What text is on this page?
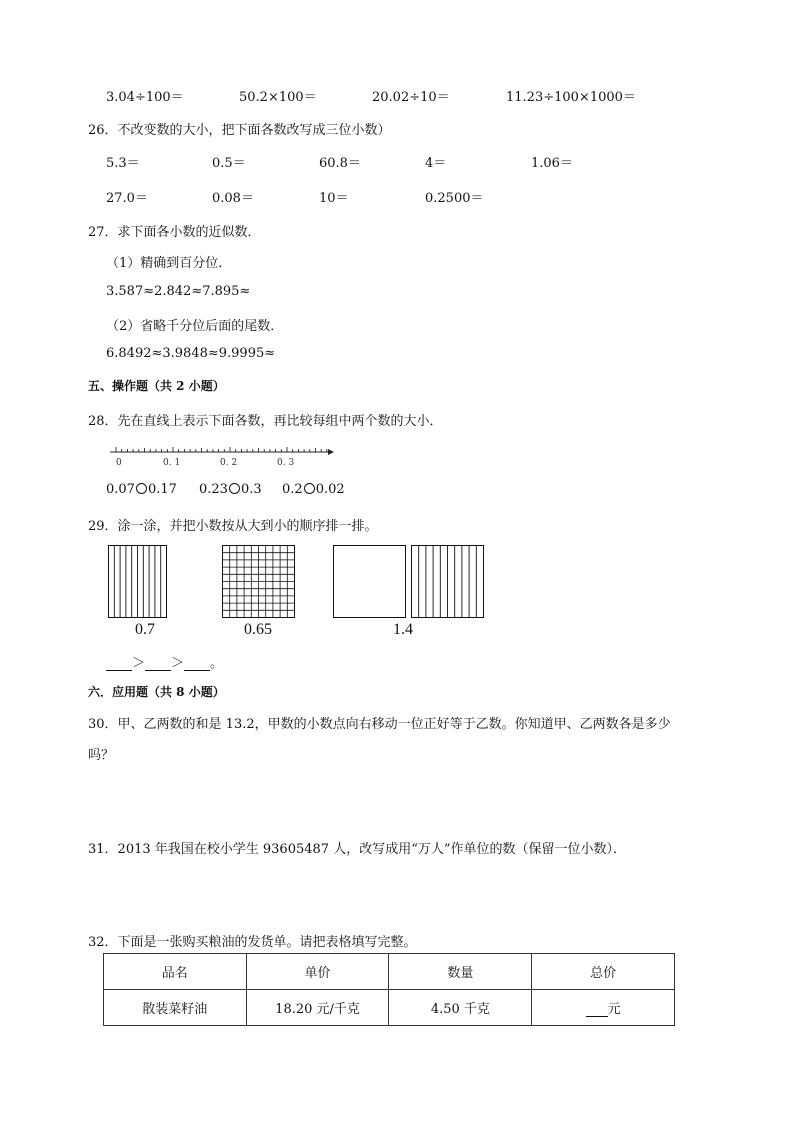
3.04÷100＝	50.2×100＝	20.02÷10＝	11.23÷100×1000＝
26．不改变数的大小，把下面各数改写成三位小数）
5.3＝	0.5＝	60.8＝	4＝	1.06＝
27.0＝	0.08＝	10＝	0.2500＝
27．求下面各小数的近似数．
（1）精确到百分位．
3.587≈2.842≈7.895≈
（2）省略千分位后面的尾数．
6.8492≈3.9848≈9.9995≈
五、操作题（共 2 小题）
28．先在直线上表示下面各数，再比较每组中两个数的大小．
0	0. 1	0. 2	0. 3
0.07 0.17 0.23 0.3 0.2 0.02
29．涂一涂，并把小数按从大到小的顺序排一排。
0.7	0.65	1.4
＞ ＞ 。
六．应用题（共 8 小题）
30．甲、乙两数的和是 13.2，甲数的小数点向右移动一位正好等于乙数。你知道甲、乙两数各是多少
吗？
31．2013 年我国在校小学生 93605487 人，改写成用“万人”作单位的数（保留一位小数）．
32．下面是一张购买粮油的发货单。请把表格填写完整。
品名	单价	数量	总价
散装菜籽油	18.20 元/千克	4.50 千克	元
